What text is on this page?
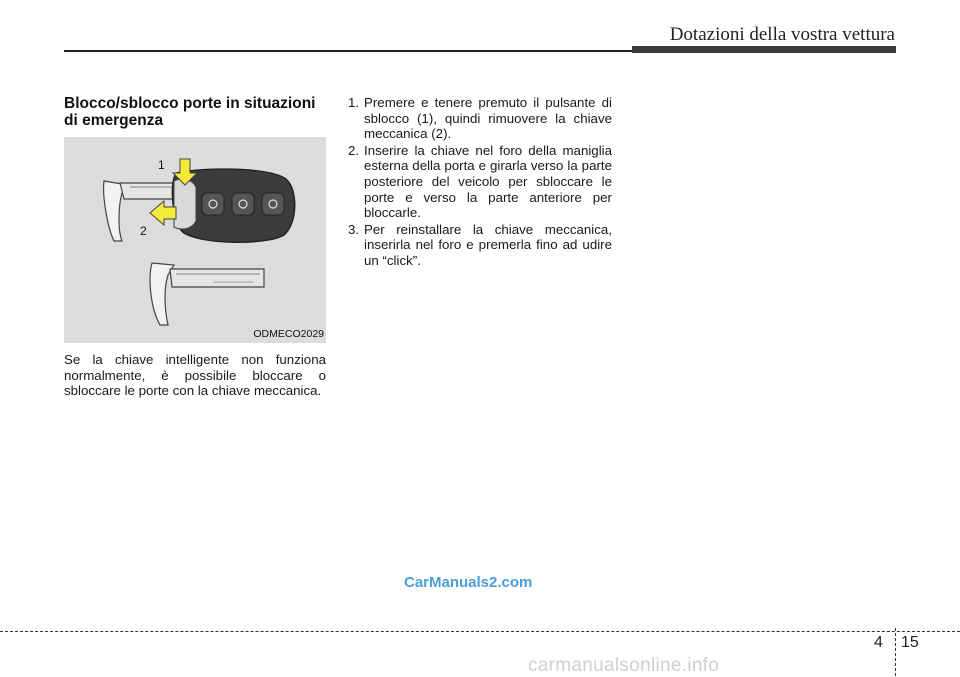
Dotazioni della vostra vettura
Blocco/sblocco porte in situazioni di emergenza
1
2
ODMECO2029
Se la chiave intelligente non funziona normalmente, è possibile bloccare o sbloccare le porte con la chiave meccanica.
1. Premere e tenere premuto il pulsante di sblocco (1), quindi rimuovere la chiave meccanica (2).
2. Inserire la chiave nel foro della maniglia esterna della porta e girarla verso la parte posteriore del veicolo per sbloccare le porte e verso la parte anteriore per bloccarle.
3. Per reinstallare la chiave meccanica, inserirla nel foro e premerla fino ad udire un “click”.
CarManuals2.com
4 15
carmanualsonline.info
